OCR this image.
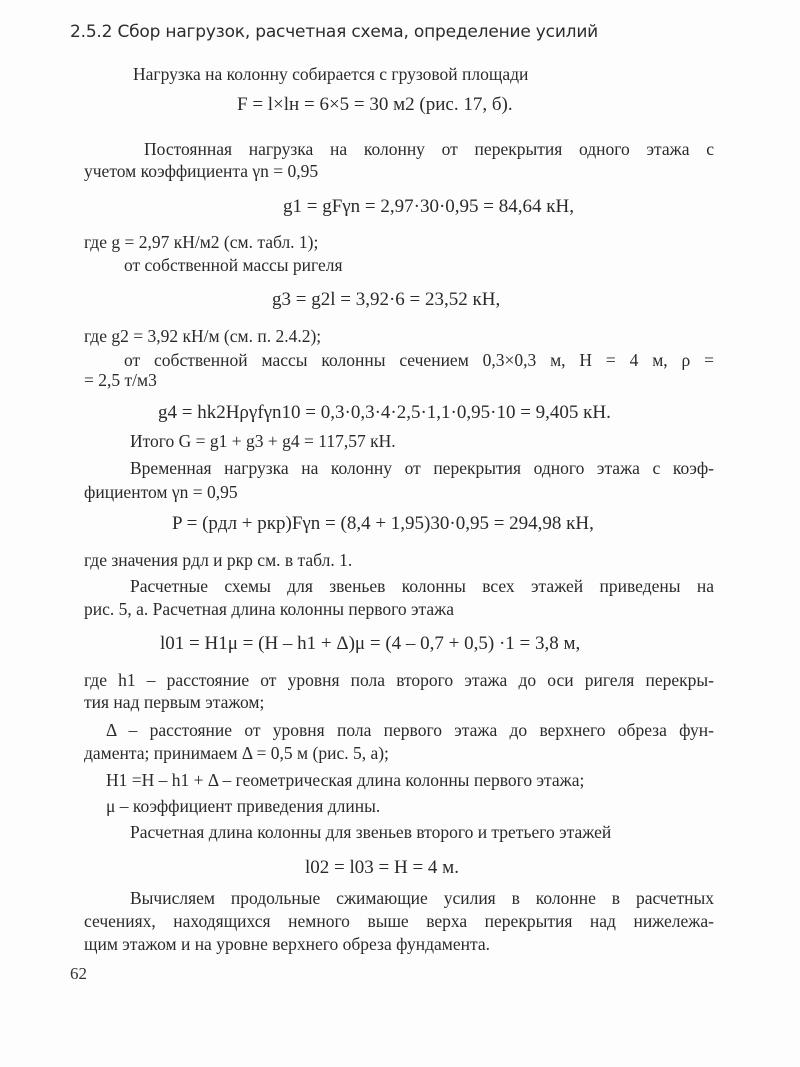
2.5.2 Сбор нагрузок, расчетная схема, определение усилий
Нагрузка на колонну собирается с грузовой площади
F = l×lн = 6×5 = 30 м2 (рис. 17, б).
Постоянная нагрузка на колонну от перекрытия одного этажа с
учетом коэффициента γn = 0,95
g1 = gFγn = 2,97·30·0,95 = 84,64 кН,
где g = 2,97 кН/м2 (см. табл. 1);
от собственной массы ригеля
g3 = g2l = 3,92·6 = 23,52 кН,
где g2 = 3,92 кН/м (см. п. 2.4.2);
от собственной массы колонны сечением 0,3×0,3 м, H = 4 м, ρ =
= 2,5 т/м3
g4 = hk2Hργfγn10 = 0,3·0,3·4·2,5·1,1·0,95·10 = 9,405 кН.
Итого G = g1 + g3 + g4 = 117,57 кН.
Временная нагрузка на колонну от перекрытия одного этажа с коэф-
фициентом γn = 0,95
P = (pдл + pкр)Fγn = (8,4 + 1,95)30·0,95 = 294,98 кН,
где значения pдл и pкр см. в табл. 1.
Расчетные схемы для звеньев колонны всех этажей приведены на
рис. 5, а. Расчетная длина колонны первого этажа
l01 = H1μ = (H – h1 + Δ)μ = (4 – 0,7 + 0,5) ·1 = 3,8 м,
где h1 – расстояние от уровня пола второго этажа до оси ригеля перекры-
тия над первым этажом;
Δ – расстояние от уровня пола первого этажа до верхнего обреза фун-
дамента; принимаем Δ = 0,5 м (рис. 5, а);
H1 =H – h1 + Δ – геометрическая длина колонны первого этажа;
μ – коэффициент приведения длины.
Расчетная длина колонны для звеньев второго и третьего этажей
l02 = l03 = H = 4 м.
Вычисляем продольные сжимающие усилия в колонне в расчетных
сечениях, находящихся немного выше верха перекрытия над нижележа-
щим этажом и на уровне верхнего обреза фундамента.
62
